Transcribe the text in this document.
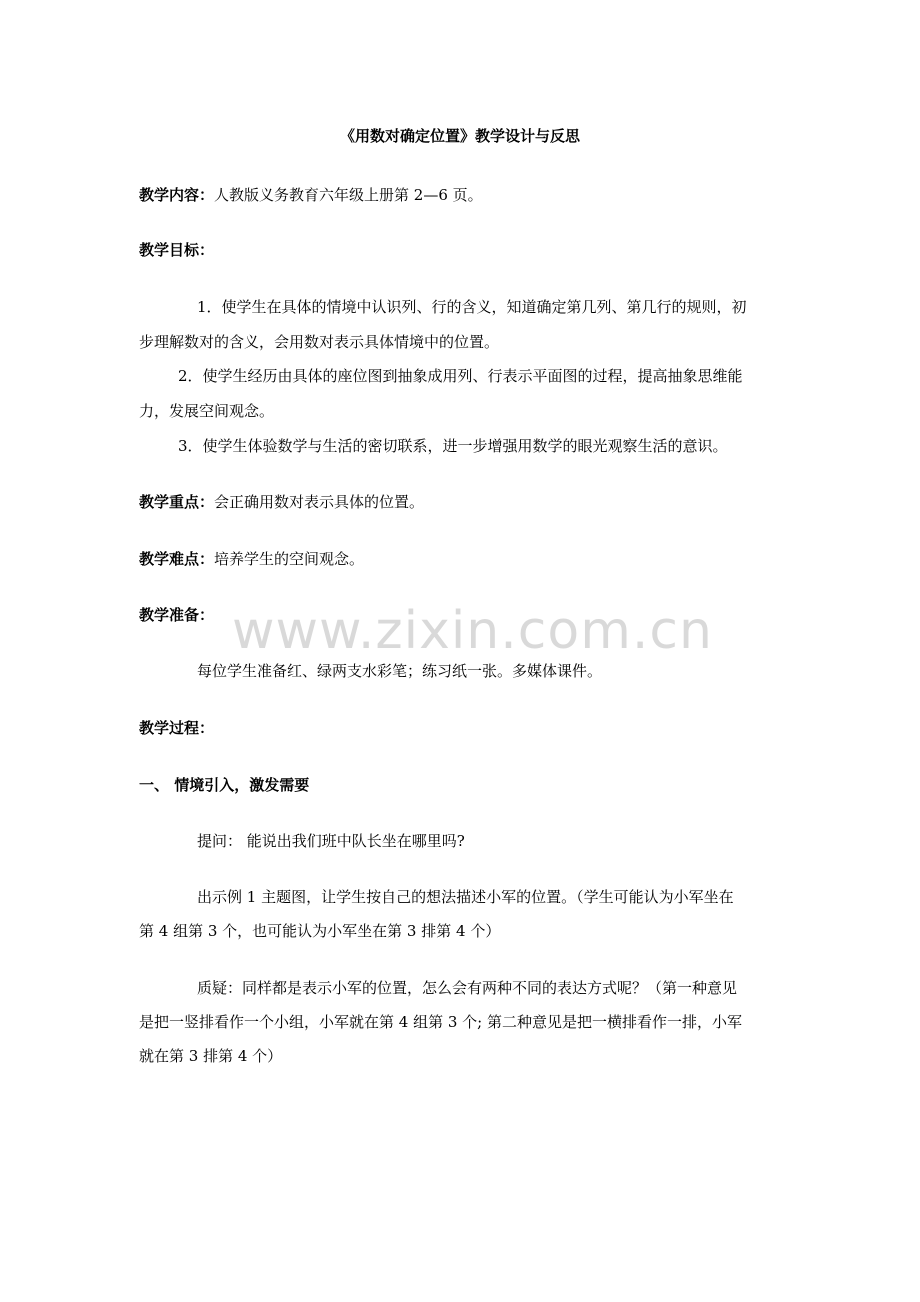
《用数对确定位置》教学设计与反思
教学内容：人教版义务教育六年级上册第 2—6 页。
教学目标：
1．使学生在具体的情境中认识列、行的含义，知道确定第几列、第几行的规则，初
步理解数对的含义，会用数对表示具体情境中的位置。
2．使学生经历由具体的座位图到抽象成用列、行表示平面图的过程，提高抽象思维能
力，发展空间观念。
3．使学生体验数学与生活的密切联系，进一步增强用数学的眼光观察生活的意识。
教学重点：会正确用数对表示具体的位置。
教学难点：培养学生的空间观念。
教学准备：
每位学生准备红、绿两支水彩笔；练习纸一张。多媒体课件。
教学过程：
一、 情境引入，激发需要
提问： 能说出我们班中队长坐在哪里吗?
出示例 1 主题图，让学生按自己的想法描述小军的位置。（学生可能认为小军坐在
第 4 组第 3 个，也可能认为小军坐在第 3 排第 4 个）
质疑：同样都是表示小军的位置，怎么会有两种不同的表达方式呢？（第一种意见
是把一竖排看作一个小组，小军就在第 4 组第 3 个; 第二种意见是把一横排看作一排，小军
就在第 3 排第 4 个）
www.zixin.com.cn
